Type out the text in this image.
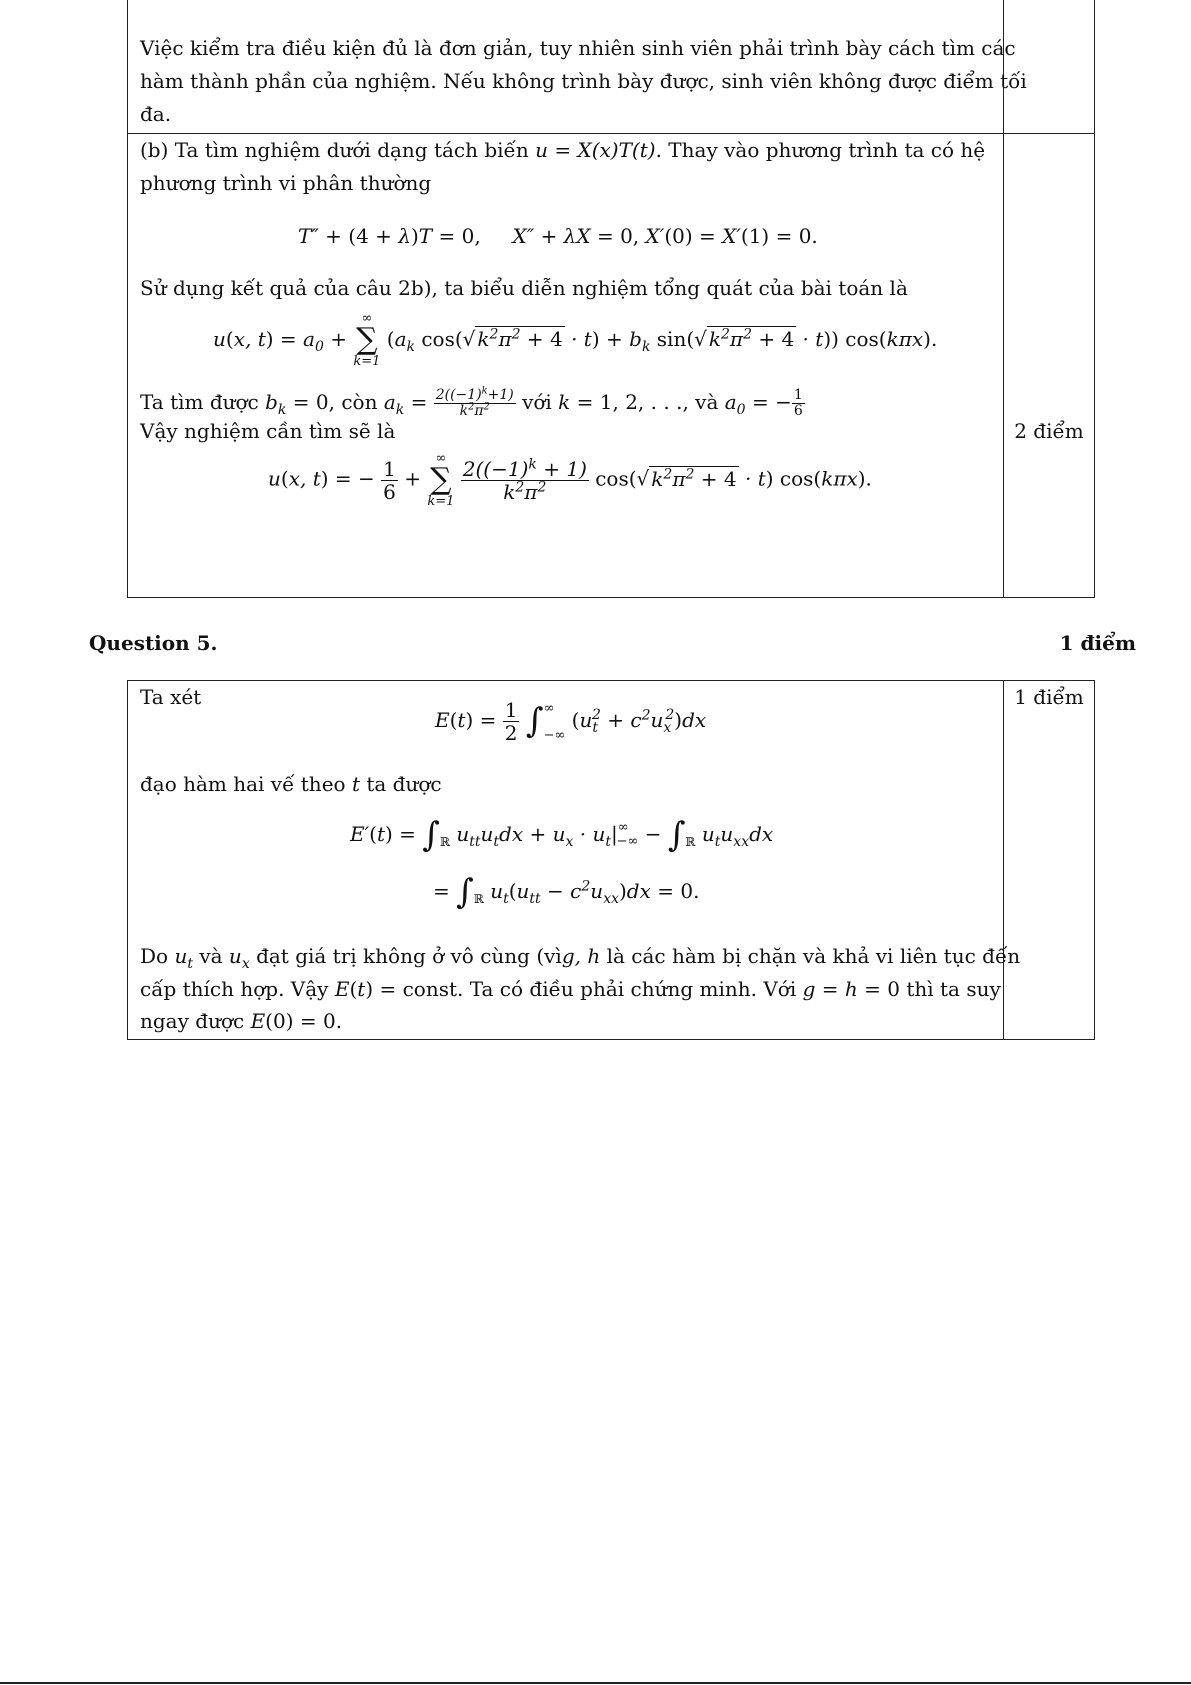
Việc kiểm tra điều kiện đủ là đơn giản, tuy nhiên sinh viên phải trình bày cách tìm các
hàm thành phần của nghiệm. Nếu không trình bày được, sinh viên không được điểm tối
đa.
(b) Ta tìm nghiệm dưới dạng tách biến u = X(x)T(t). Thay vào phương trình ta có hệ
phương trình vi phân thường
T″ + (4 + λ)T = 0,     X″ + λX = 0, X′(0) = X′(1) = 0.
Sử dụng kết quả của câu 2b), ta biểu diễn nghiệm tổng quát của bài toán là
u(x, $t) = a_0$ +
∞
∑
k=1
($a_k$ cos(√ $k^2\pi^2 + 4 \cdot t) + b_k$ sin(√ $k^2\pi^2 + 4 \cdot t$)) cos(kπx).
Ta tìm được $b_k = 0$, còn $a_k = \frac{2((-1)^k+1)}{k^2\pi^2}$ với k = 1, 2, . . ., và $a_0$ = − $\frac{1}{6}$
Vậy nghiệm cần tìm sẽ là
u(x, t) = − $\frac{1}{6}$ +
∞
∑
k=1
$\frac{2((-1)^k + 1)}{k^2\pi^2} \cos(√$ $k^2\pi^2 + 4 \cdot t$) cos(kπx).
2 điểm
Question 5.	1 điểm
Ta xét
$E(t) = \frac{1}{2}$ ∫ ∞
−∞
$(u_t^2 + c^2u_x^2)dx$
đạo hàm hai vế theo t ta được
$E'(t) = \int_ℝ$ $u_{tt}u_tdx + u_x \cdot u_t|^\infty_{-\infty} - \int_ℝ$ $u_tu_{xx}dx$
= $\int_ℝ$ $u_t(u_{tt} - c^2u_{xx})dx = 0$.
Do $u_t$ và $u_x$ đạt giá trị không ở vô cùng (vìg, h là các hàm bị chặn và khả vi liên tục đến
cấp thích hợp. Vậy E(t) = const. Ta có điều phải chứng minh. Với g = h = 0 thì ta suy
ngay được E(0) = 0.
1 điểm
